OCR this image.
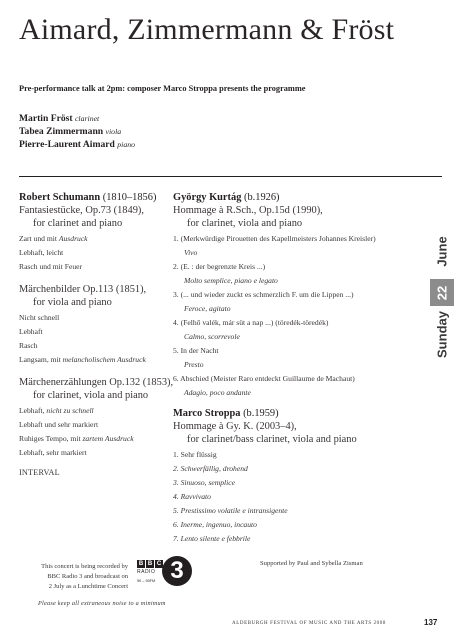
Aimard, Zimmermann & Fröst
Pre-performance talk at 2pm: composer Marco Stroppa presents the programme
Martin Fröst clarinet
Tabea Zimmermann viola
Pierre-Laurent Aimard piano
Robert Schumann (1810–1856)
Fantasiestücke, Op.73 (1849),
for clarinet and piano
Zart und mit Ausdruck
Lebhaft, leicht
Rasch und mit Feuer
Märchenbilder Op.113 (1851),
for viola and piano
Nicht schnell
Lebhaft
Rasch
Langsam, mit melancholischem Ausdruck
Märchenerzählungen Op.132 (1853),
for clarinet, viola and piano
Lebhaft, nicht zu schnell
Lebhaft und sehr markiert
Ruhiges Tempo, mit zartem Ausdruck
Lebhaft, sehr markiert
INTERVAL
György Kurtág (b.1926)
Hommage à R.Sch., Op.15d (1990),
for clarinet, viola and piano
1. (Merkwürdige Pirouetten des Kapellmeisters Johannes Kreisler)
Vivo
2. (E. : der begrenzte Kreis ...)
Molto semplice, piano e legato
3. (... und wieder zuckt es schmerzlich F. um die Lippen ...)
Feroce, agitato
4. (Felhő valék, már süt a nap ...) (töredék-töredék)
Calmo, scorrevole
5. In der Nacht
Presto
6. Abschied (Meister Raro entdeckt Guillaume de Machaut)
Adagio, poco andante
Marco Stroppa (b.1959)
Hommage à Gy. K. (2003–4),
for clarinet/bass clarinet, viola and piano
1. Sehr flüssig
2. Schwerfällig, drohend
3. Sinuoso, semplice
4. Ravvivato
5. Prestissimo volatile e intransigente
6. Inerme, ingenuo, incauto
7. Lento silente e febbrile
June
22
Sunday
This concert is being recorded by
BBC Radio 3 and broadcast on
2 July as a Lunchtime Concert
B B C
RADIO
90 – 93FM 3	Supported by Paul and Sybella Zisman
Please keep all extraneous noise to a minimum
ALDEBURGH FESTIVAL OF MUSIC AND THE ARTS 2008	137
